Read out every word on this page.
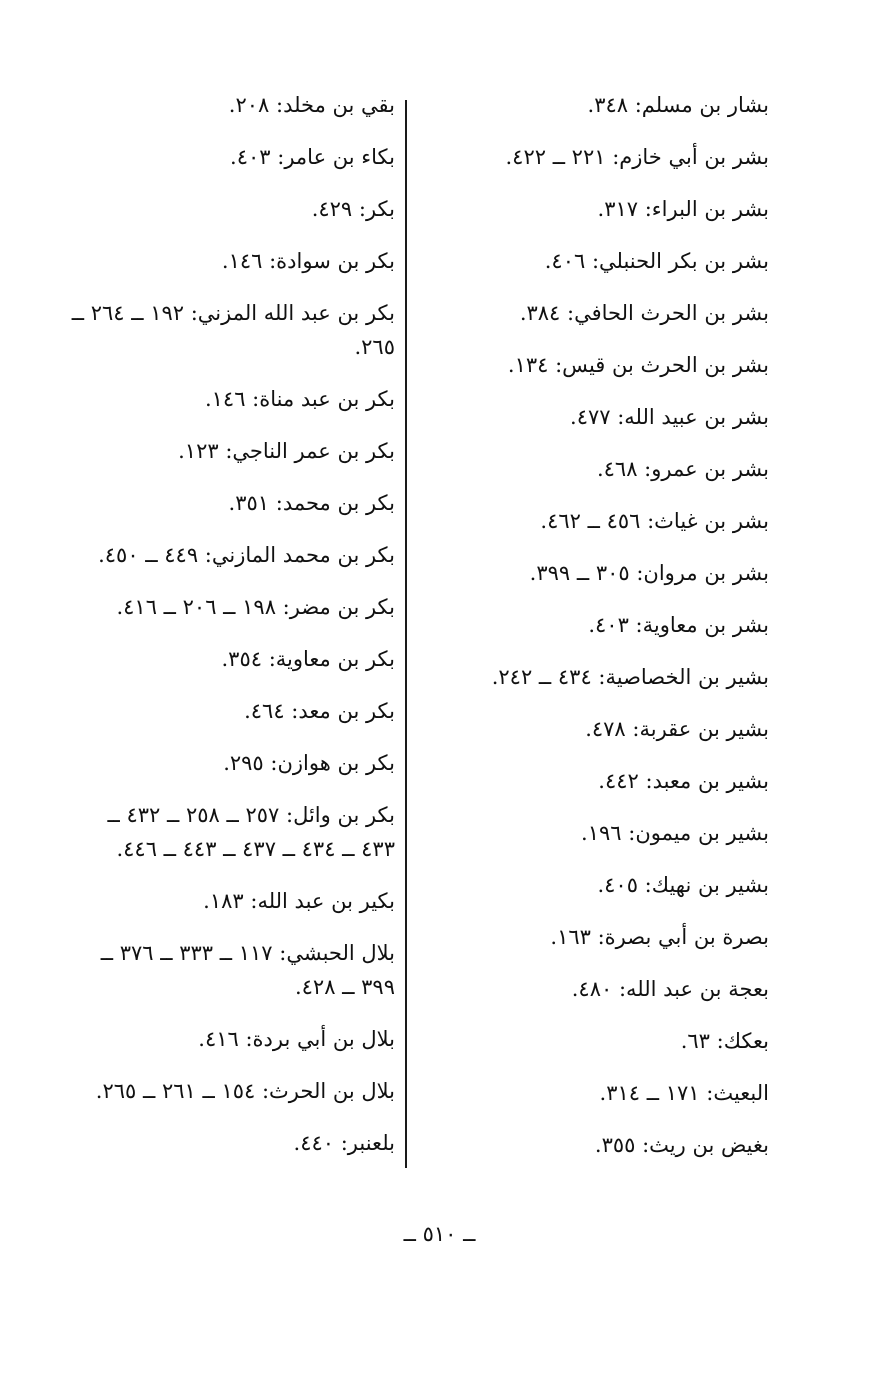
بشار بن مسلم: ٣٤٨.

بشر بن أبي خازم: ٢٢١ ــ ٤٢٢.

بشر بن البراء: ٣١٧.

بشر بن بكر الحنبلي: ٤٠٦.

بشر بن الحرث الحافي: ٣٨٤.

بشر بن الحرث بن قيس: ١٣٤.

بشر بن عبيد الله: ٤٧٧.

بشر بن عمرو: ٤٦٨.

بشر بن غياث: ٤٥٦ ــ ٤٦٢.

بشر بن مروان: ٣٠٥ ــ ٣٩٩.

بشر بن معاوية: ٤٠٣.

بشير بن الخصاصية: ٤٣٤ ــ ٢٤٢.

بشير بن عقربة: ٤٧٨.

بشير بن معبد: ٤٤٢.

بشير بن ميمون: ١٩٦.

بشير بن نهيك: ٤٠٥.

بصرة بن أبي بصرة: ١٦٣.

بعجة بن عبد الله: ٤٨٠.

بعكك: ٦٣.

البعيث: ١٧١ ــ ٣١٤.

بغيض بن ريث: ٣٥٥.

بقي بن مخلد: ٢٠٨.

بكاء بن عامر: ٤٠٣.

بكر: ٤٢٩.

بكر بن سوادة: ١٤٦.

بكر بن عبد الله المزني: ١٩٢ ــ ٢٦٤ ــ ٢٦٥.

بكر بن عبد مناة: ١٤٦.

بكر بن عمر الناجي: ١٢٣.

بكر بن محمد: ٣٥١.

بكر بن محمد المازني: ٤٤٩ ــ ٤٥٠.

بكر بن مضر: ١٩٨ ــ ٢٠٦ ــ ٤١٦.

بكر بن معاوية: ٣٥٤.

بكر بن معد: ٤٦٤.

بكر بن هوازن: ٢٩٥.

بكر بن وائل: ٢٥٧ ــ ٢٥٨ ــ ٤٣٢ ــ ٤٣٣ ــ ٤٣٤ ــ ٤٣٧ ــ ٤٤٣ ــ ٤٤٦.

بكير بن عبد الله: ١٨٣.

بلال الحبشي: ١١٧ ــ ٣٣٣ ــ ٣٧٦ ــ ٣٩٩ ــ ٤٢٨.

بلال بن أبي بردة: ٤١٦.

بلال بن الحرث: ١٥٤ ــ ٢٦١ ــ ٢٦٥.

بلعنبر: ٤٤٠.

ــ ٥١٠ ــ
